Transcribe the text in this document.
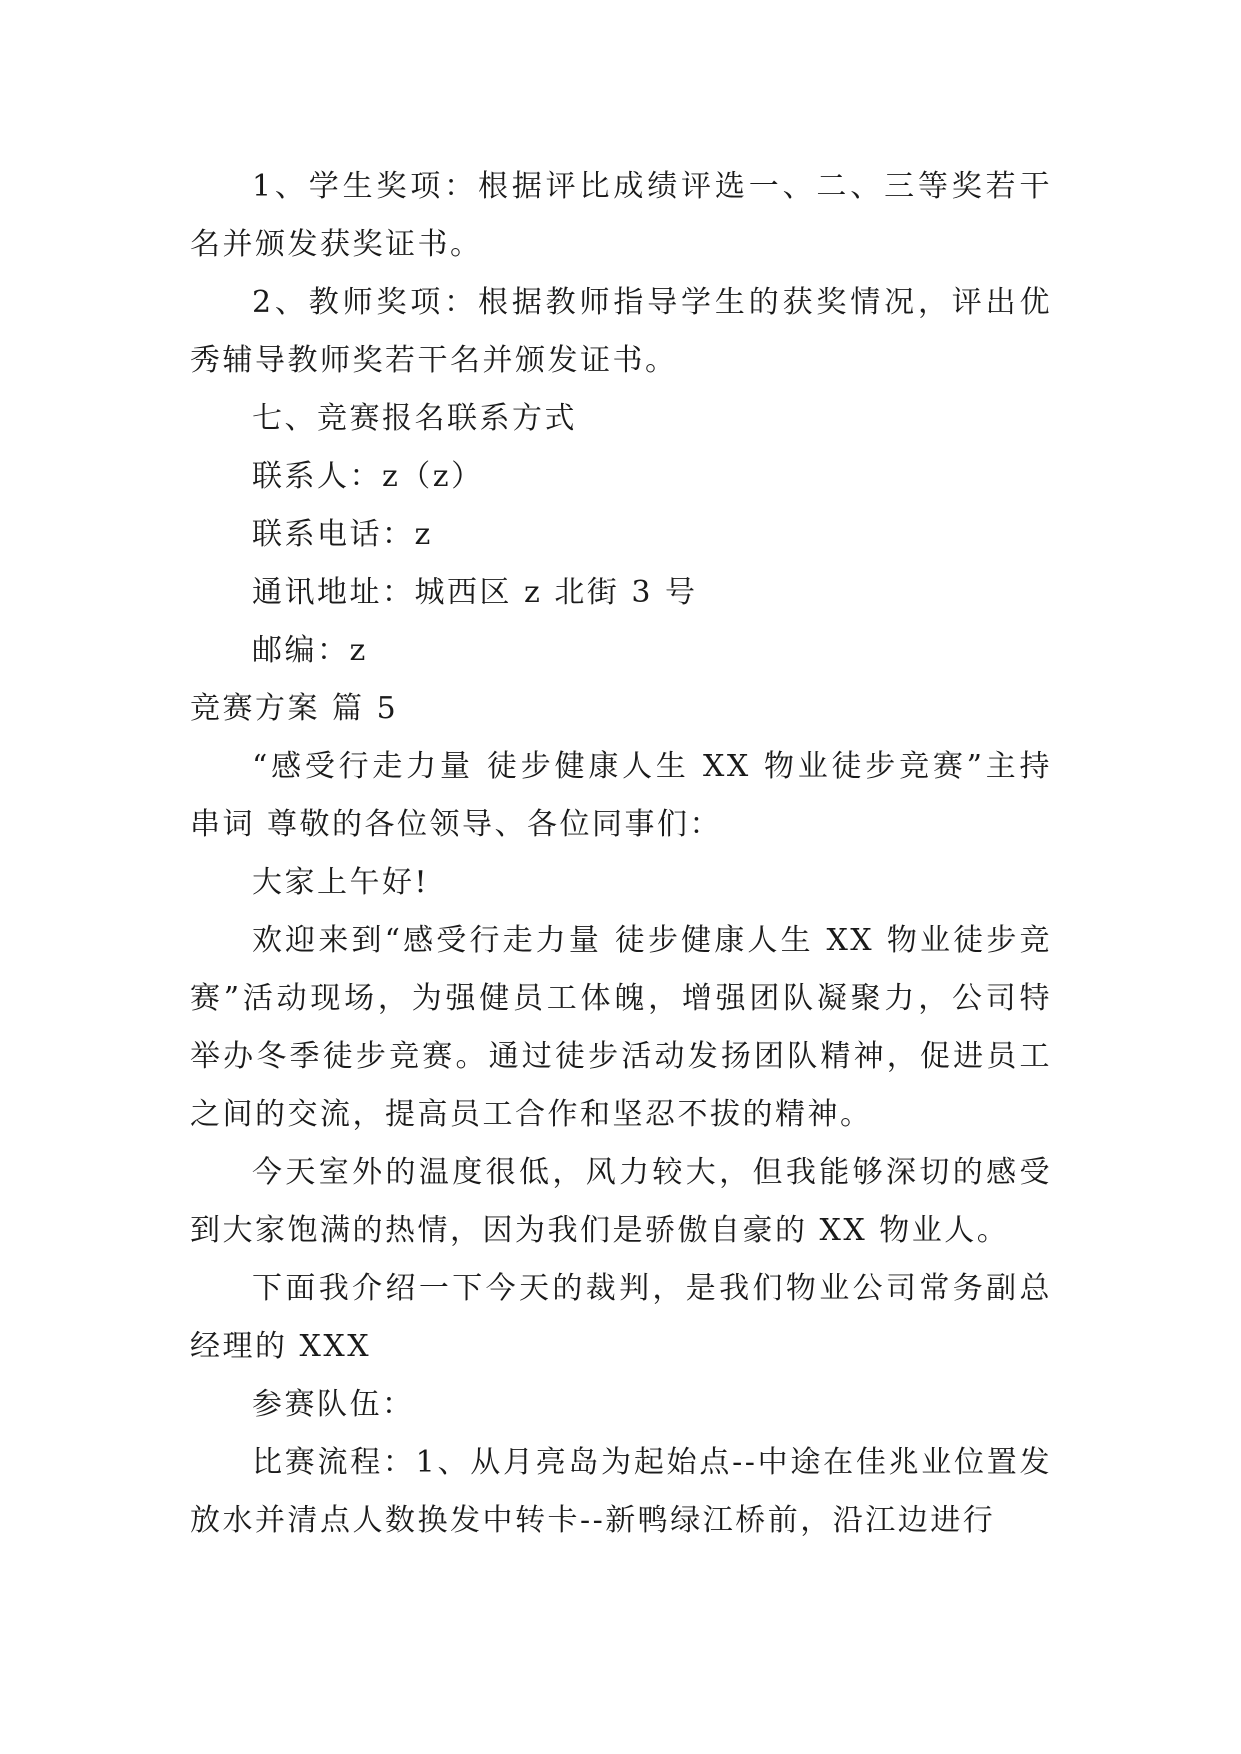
1、学生奖项：根据评比成绩评选一、二、三等奖若干名并颁发获奖证书。

2、教师奖项：根据教师指导学生的获奖情况，评出优秀辅导教师奖若干名并颁发证书。

七、竞赛报名联系方式

联系人：z（z）

联系电话：z

通讯地址：城西区 z 北街 3 号

邮编：z

竞赛方案 篇 5

“感受行走力量 徒步健康人生 XX 物业徒步竞赛”主持串词 尊敬的各位领导、各位同事们：

大家上午好!

欢迎来到“感受行走力量 徒步健康人生 XX 物业徒步竞赛”活动现场，为强健员工体魄，增强团队凝聚力，公司特举办冬季徒步竞赛。通过徒步活动发扬团队精神，促进员工之间的交流，提高员工合作和坚忍不拔的精神。

今天室外的温度很低，风力较大，但我能够深切的感受到大家饱满的热情，因为我们是骄傲自豪的 XX 物业人。

下面我介绍一下今天的裁判，是我们物业公司常务副总经理的 XXX

参赛队伍：

比赛流程：1、从月亮岛为起始点--中途在佳兆业位置发放水并清点人数换发中转卡--新鸭绿江桥前，沿江边进行
